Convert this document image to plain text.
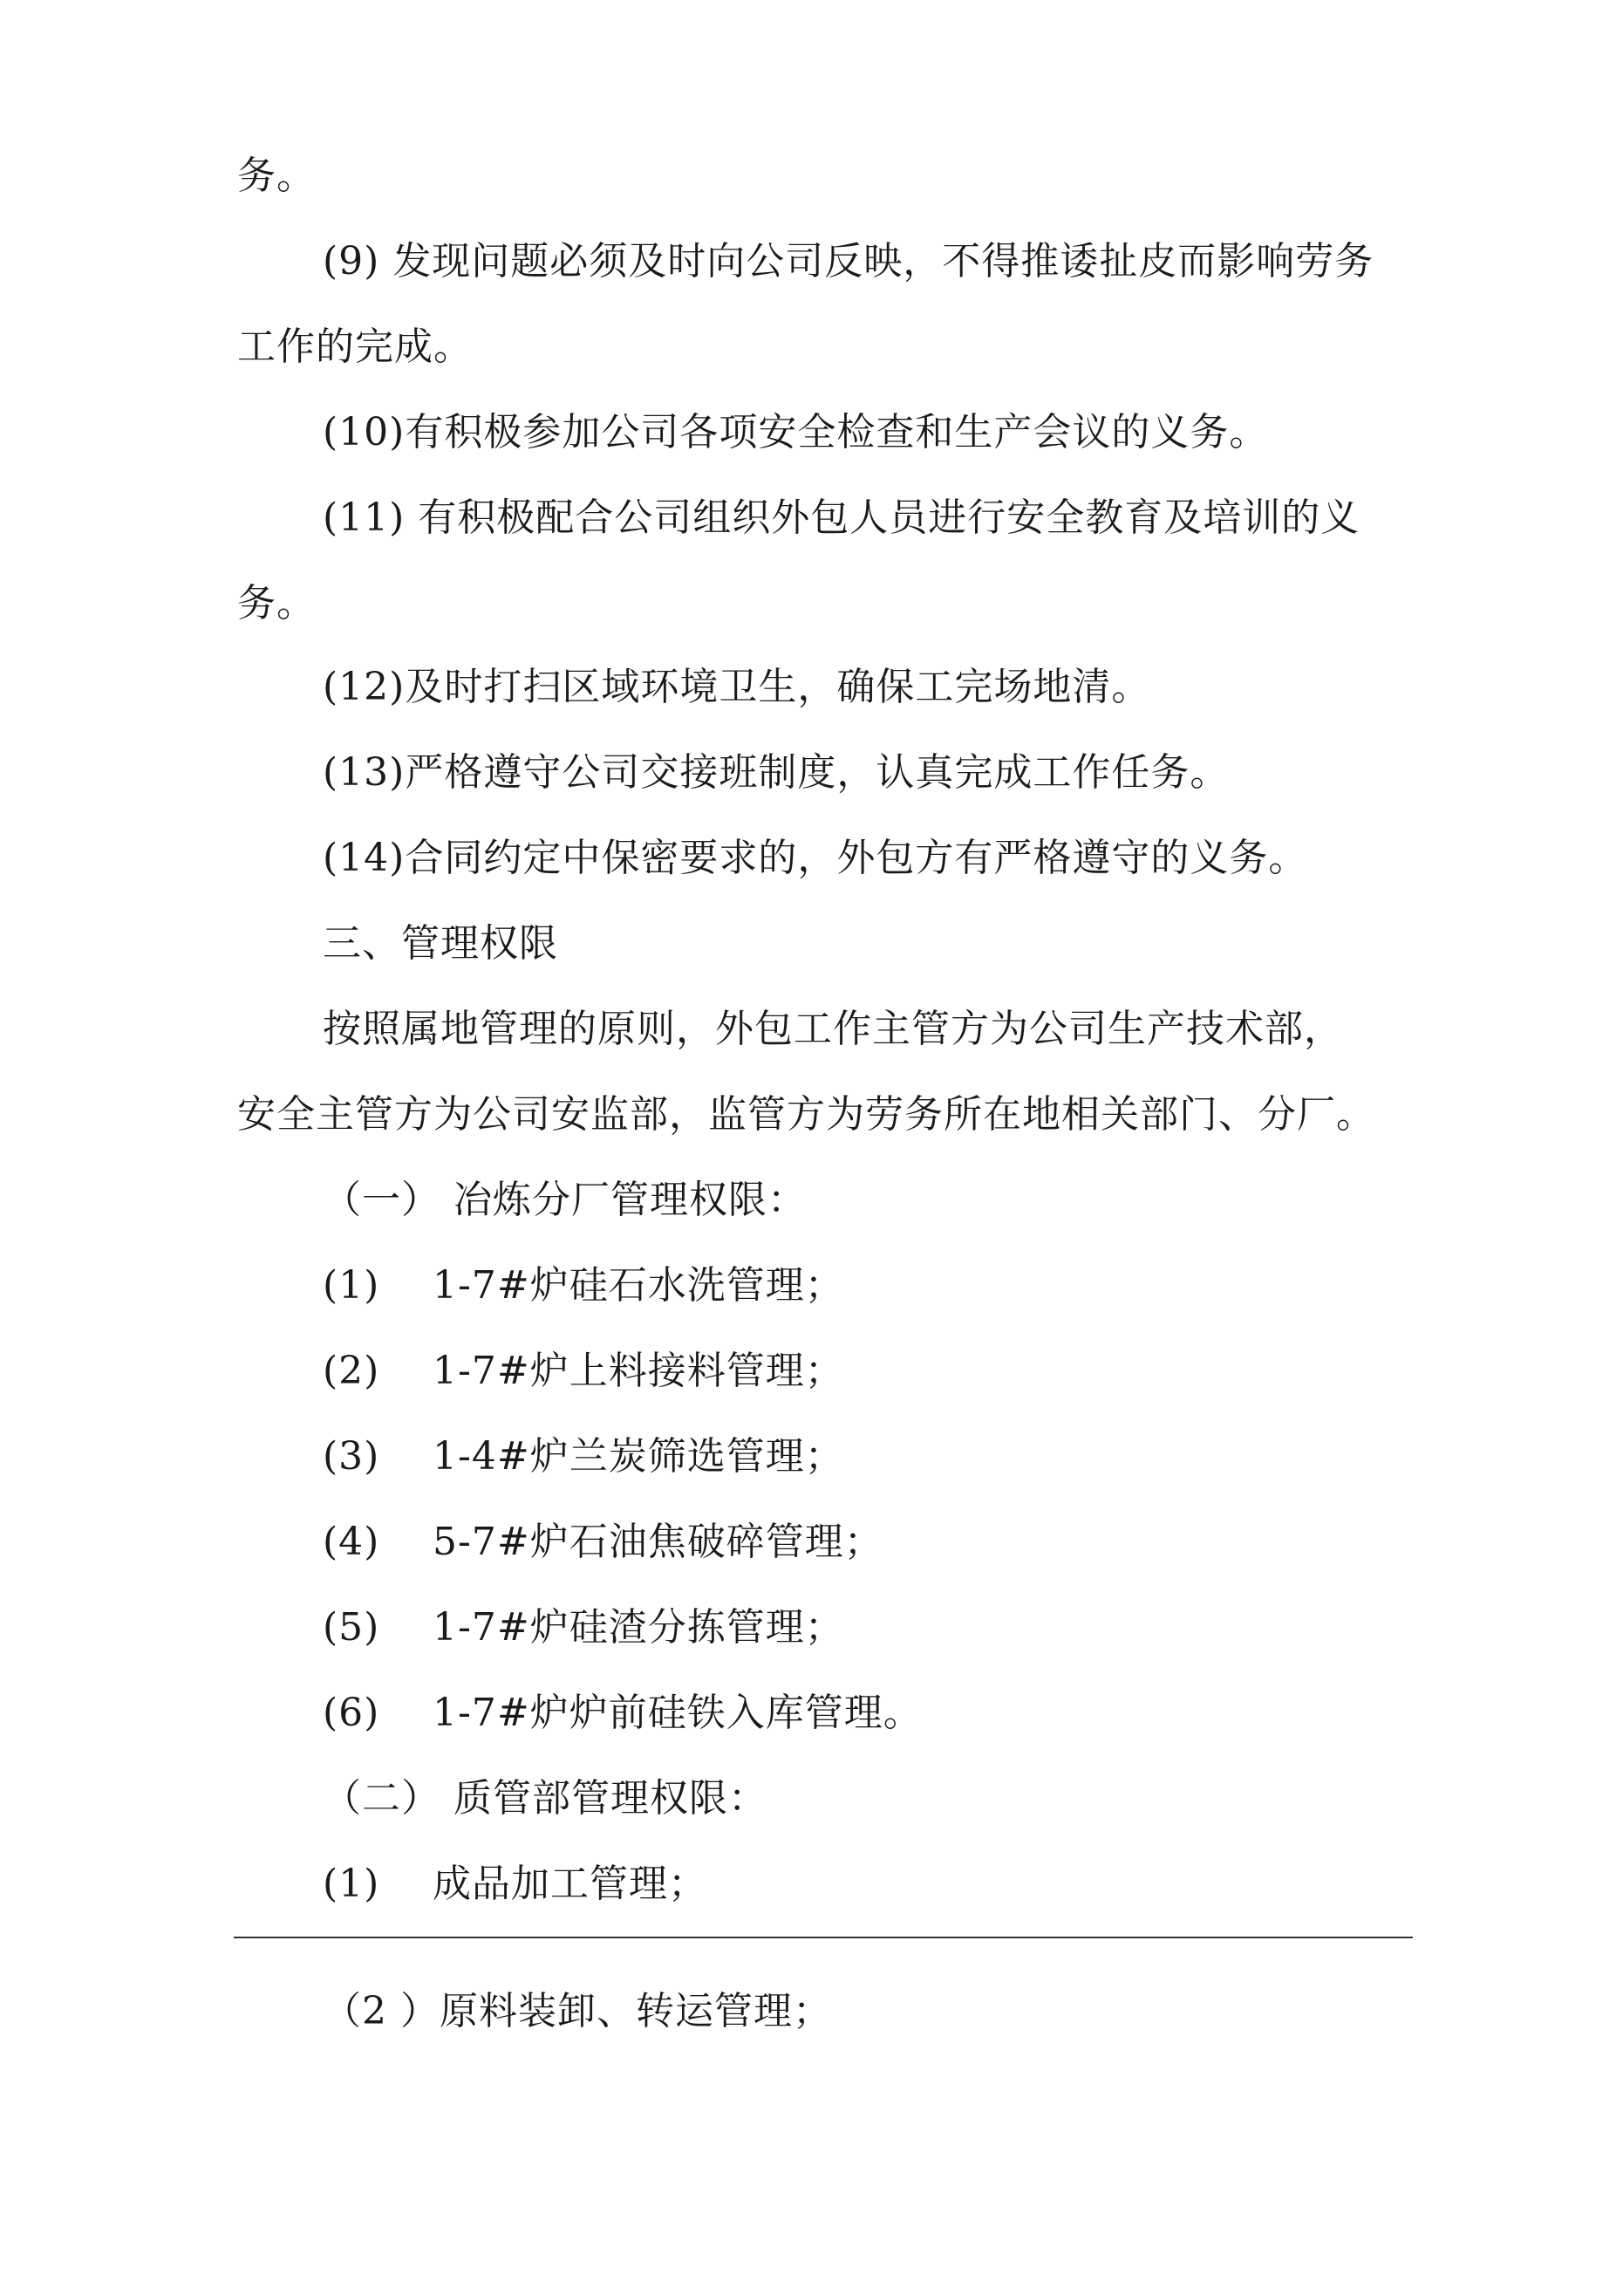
务。
(9) 发现问题必须及时向公司反映，不得推诿扯皮而影响劳务
工作的完成。
(10)有积极参加公司各项安全检查和生产会议的义务。
(11) 有积极配合公司组织外包人员进行安全教育及培训的义
务。
(12)及时打扫区域环境卫生，确保工完场地清。
(13)严格遵守公司交接班制度，认真完成工作任务。
(14)合同约定中保密要求的，外包方有严格遵守的义务。
三、管理权限
按照属地管理的原则，外包工作主管方为公司生产技术部，
安全主管方为公司安监部，监管方为劳务所在地相关部门、分厂。
（一） 冶炼分厂管理权限：
(1) 1-7#炉硅石水洗管理；
(2) 1-7#炉上料接料管理；
(3) 1-4#炉兰炭筛选管理；
(4) 5-7#炉石油焦破碎管理；
(5) 1-7#炉硅渣分拣管理；
(6) 1-7#炉炉前硅铁入库管理。
（二） 质管部管理权限：
(1) 成品加工管理；
（2 ）原料装卸、转运管理；
